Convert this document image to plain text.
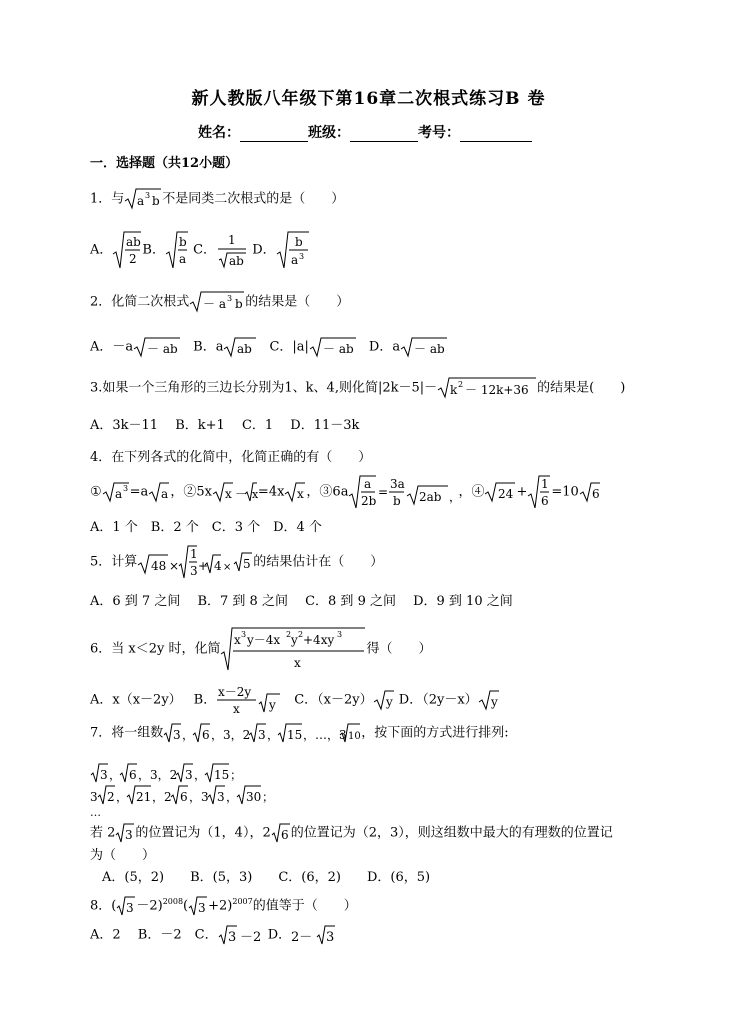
新人教版八年级下第16章二次根式练习B 卷
姓名：	班级：	考号：
一．选择题（共12小题）
1．与 a 3 b 不是同类二次根式的是（　　）
A．
ab
2
B．
b
a
C．
1
ab
D．
b
a 3
2．化简二次根式 － a 3 b 的结果是（　　）
A．－a － ab B．a ab C．|a| － ab D．a － ab
3.如果一个三角形的三边长分别为1、k、4,则化简|2k－5|－ k 2 － 12k+36 的结果是(　　)
A．3k－11　 B．k+1　 C．1　 D．11－3k
4．在下列各式的化简中，化简正确的有（　　）
① a 3 =a a ，②5x x － x =4x x ，③6a
a
2b
=
3a
b 2ab ，
，④ 24 +
1
6
=10 6
A．1 个　B．2 个　C．3 个　D．4 个
5．计算 48 ×
1
3 + 4 × 5 的结果估计在（　　）
A．6 到 7 之间　 B．7 到 8 之间　 C．8 到 9 之间　 D．9 到 10 之间
6．当 x＜2y 时，化简
x 3 y－4x 2 y 2 +4xy 3
x
得（　　）
A．x（x－2y） B．
x－2y
x y C．（x－2y） y D．（2y－x） y
7．将一组数 3 ， 6 ，3，2 3 ， 15 ，…，3 10 ，按下面的方式进行排列:
3 ， 6 ，3，2 3 ， 15 ；
3 2 ， 21 ，2 6 ，3 3 ， 30 ；
…
若 2 3 的位置记为（1，4），2 6 的位置记为（2，3），则这组数中最大的有理数的位置记
为（　　）
A．(5，2)　　B．(5，3)　　C．(6，2)　　D．(6，5)
8．( 3 －2)$^{2008}$( 3 +2)$^{2007}$的值等于（　　）
A．2　 B．－2　C． 3 －2 D． 2－ 3
